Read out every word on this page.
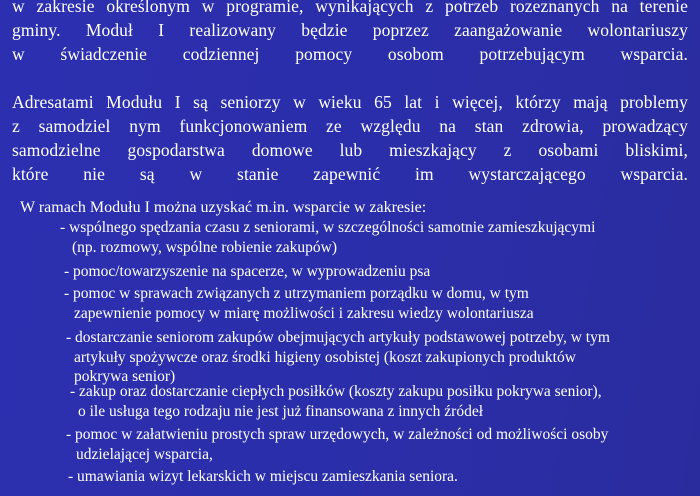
w zakresie określonym w programie, wynikających z potrzeb rozeznanych na terenie
gminy. Moduł I realizowany będzie poprzez zaangażowanie wolontariuszy
w świadczenie codziennej pomocy osobom potrzebującym wsparcia.
Adresatami Modułu I są seniorzy w wieku 65 lat i więcej, którzy mają problemy
z samodziel nym funkcjonowaniem ze względu na stan zdrowia, prowadzący
samodzielne gospodarstwa domowe lub mieszkający z osobami bliskimi,
które nie są w stanie zapewnić im wystarczającego wsparcia.
W ramach Modułu I można uzyskać m.in. wsparcie w zakresie:
- wspólnego spędzania czasu z seniorami, w szczególności samotnie zamieszkującymi
(np. rozmowy, wspólne robienie zakupów)
- pomoc/towarzyszenie na spacerze, w wyprowadzeniu psa
- pomoc w sprawach związanych z utrzymaniem porządku w domu, w tym
zapewnienie pomocy w miarę możliwości i zakresu wiedzy wolontariusza
- dostarczanie seniorom zakupów obejmujących artykuły podstawowej potrzeby, w tym
artykuły spożywcze oraz środki higieny osobistej (koszt zakupionych produktów
pokrywa senior)
- zakup oraz dostarczanie ciepłych posiłków (koszty zakupu posiłku pokrywa senior),
o ile usługa tego rodzaju nie jest już finansowana z innych źródeł
- pomoc w załatwieniu prostych spraw urzędowych, w zależności od możliwości osoby
udzielającej wsparcia,
- umawiania wizyt lekarskich w miejscu zamieszkania seniora.
